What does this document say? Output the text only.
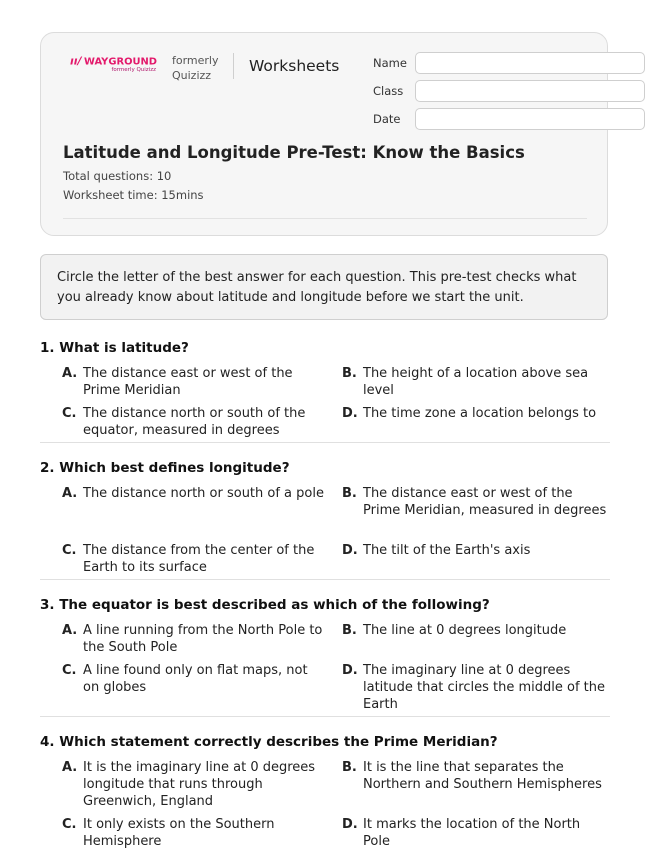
ıı/ WAYGROUND
formerly Quizizz
formerly
Quizizz
Worksheets	Name
Class
Date
Latitude and Longitude Pre-Test: Know the Basics
Total questions: 10
Worksheet time: 15mins
Circle the letter of the best answer for each question. This pre-test checks what you already know about latitude and longitude before we start the unit.
1. What is latitude?
A. The distance east or west of the Prime Meridian
B. The height of a location above sea level
C. The distance north or south of the equator, measured in degrees
D. The time zone a location belongs to
2. Which best defines longitude?
A. The distance north or south of a pole B. The distance east or west of the Prime Meridian, measured in degrees
C. The distance from the center of the Earth to its surface
D. The tilt of the Earth's axis
3. The equator is best described as which of the following?
A. A line running from the North Pole to the South Pole
B. The line at 0 degrees longitude
C. A line found only on flat maps, not on globes
D. The imaginary line at 0 degrees latitude that circles the middle of the Earth
4. Which statement correctly describes the Prime Meridian?
A. It is the imaginary line at 0 degrees longitude that runs through Greenwich, England
B. It is the line that separates the Northern and Southern Hemispheres
C. It only exists on the Southern Hemisphere
D. It marks the location of the North Pole
